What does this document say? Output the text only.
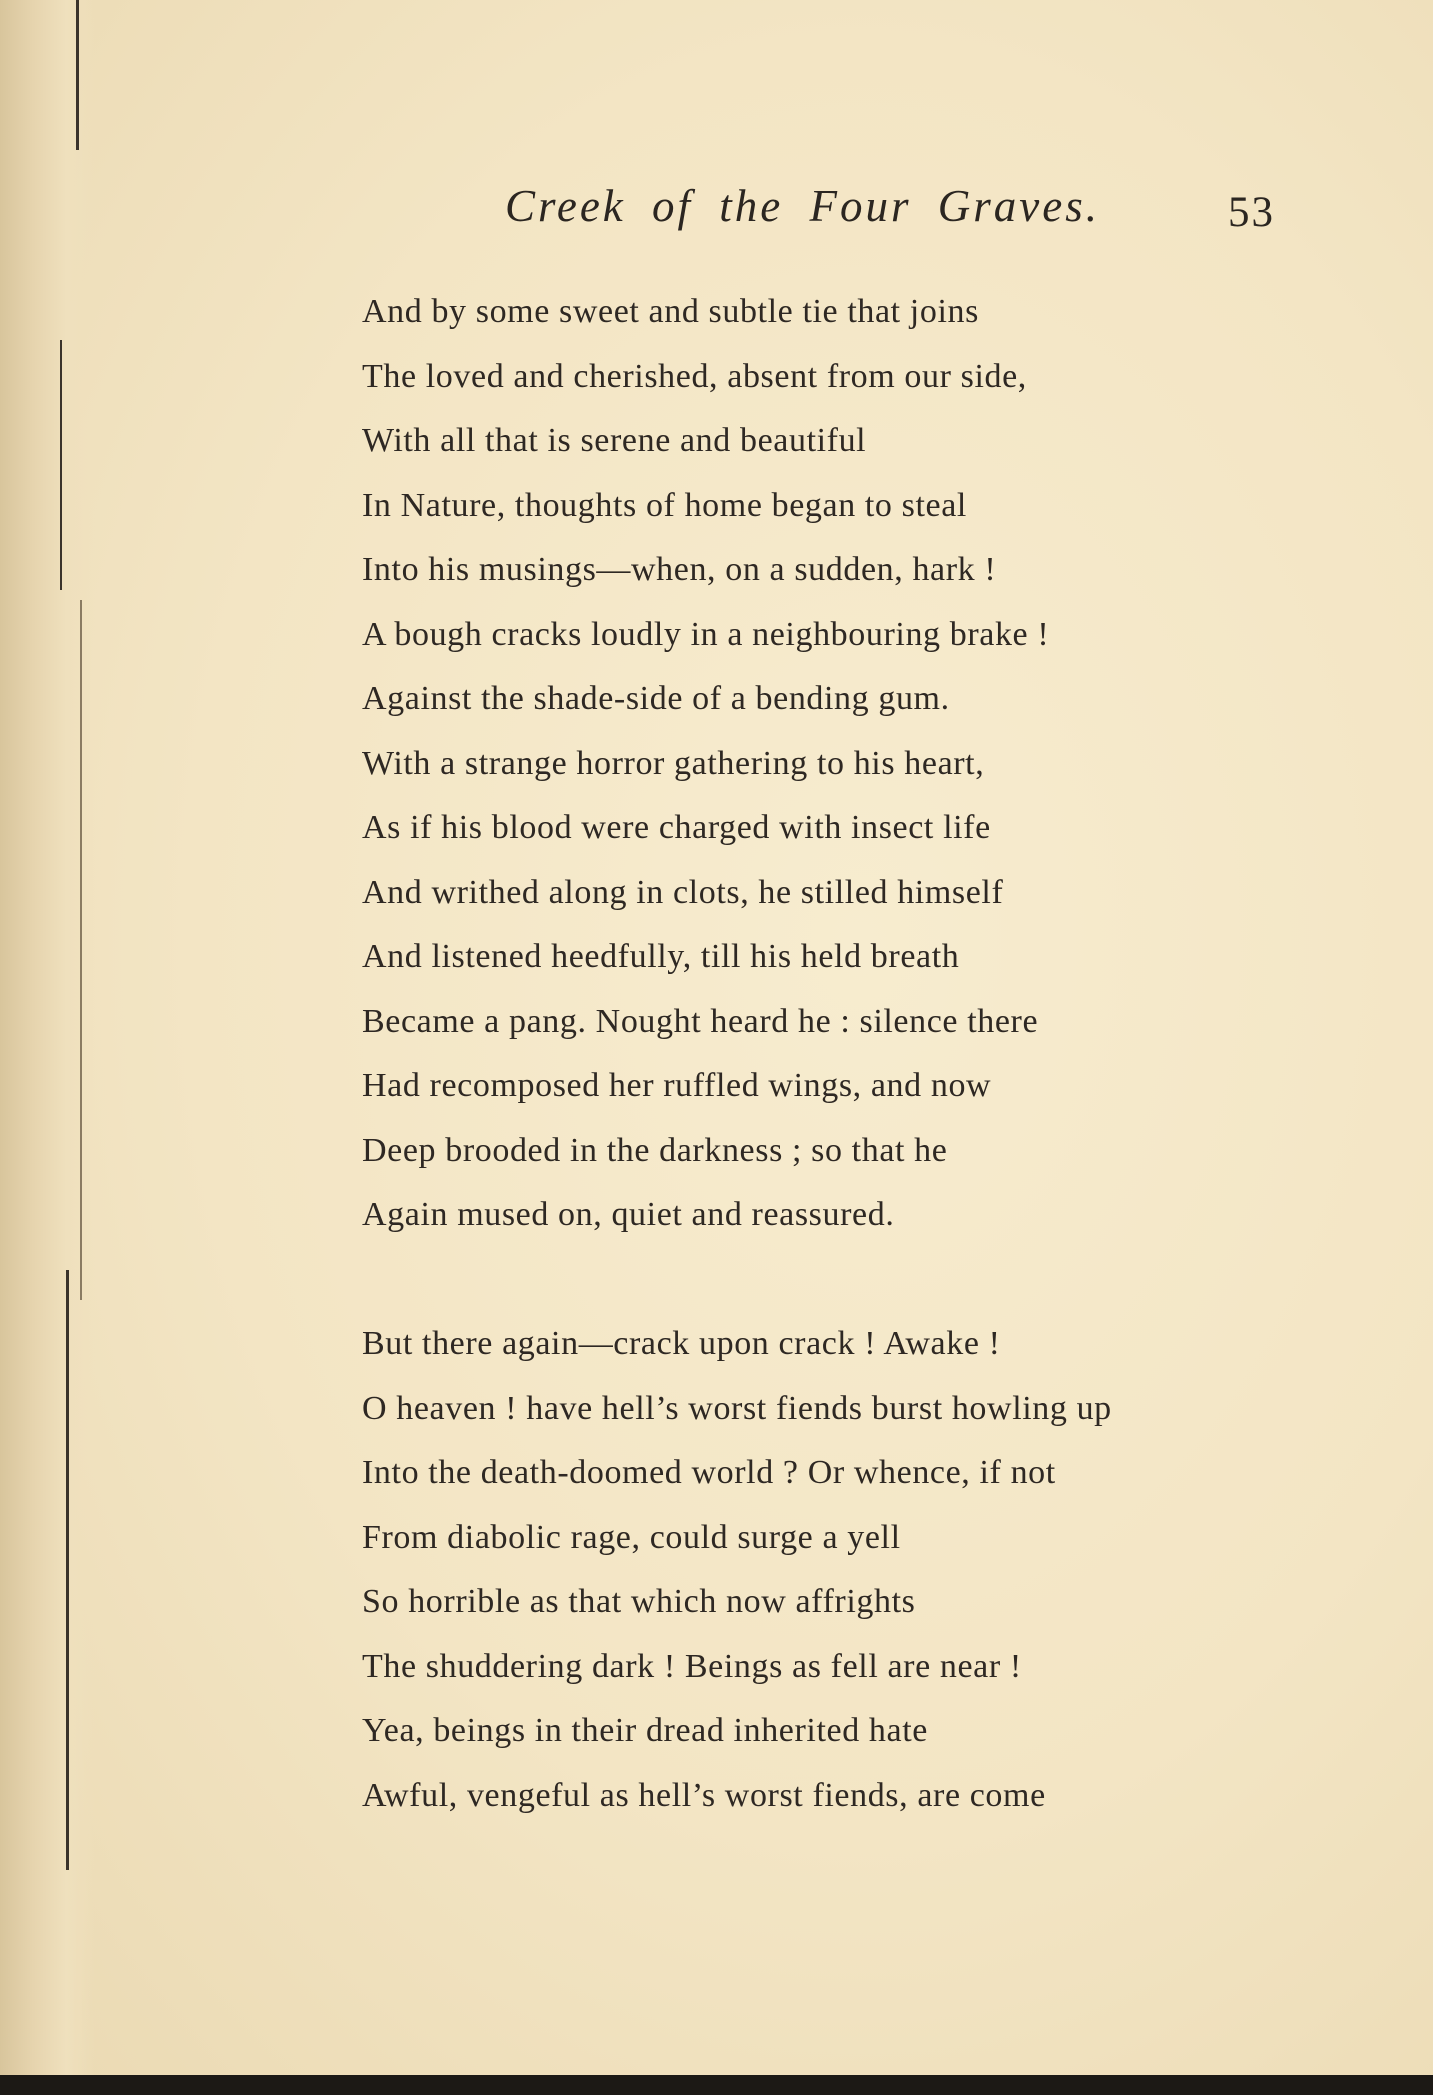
Creek of the Four Graves.	53
And by some sweet and subtle tie that joins
The loved and cherished, absent from our side,
With all that is serene and beautiful
In Nature, thoughts of home began to steal
Into his musings—when, on a sudden, hark !
A bough cracks loudly in a neighbouring brake !
Against the shade-side of a bending gum.
With a strange horror gathering to his heart,
As if his blood were charged with insect life
And writhed along in clots, he stilled himself
And listened heedfully, till his held breath
Became a pang. Nought heard he : silence there
Had recomposed her ruffled wings, and now
Deep brooded in the darkness ; so that he
Again mused on, quiet and reassured.
But there again—crack upon crack ! Awake !
O heaven ! have hell’s worst fiends burst howling up
Into the death-doomed world ? Or whence, if not
From diabolic rage, could surge a yell
So horrible as that which now affrights
The shuddering dark ! Beings as fell are near !
Yea, beings in their dread inherited hate
Awful, vengeful as hell’s worst fiends, are come
